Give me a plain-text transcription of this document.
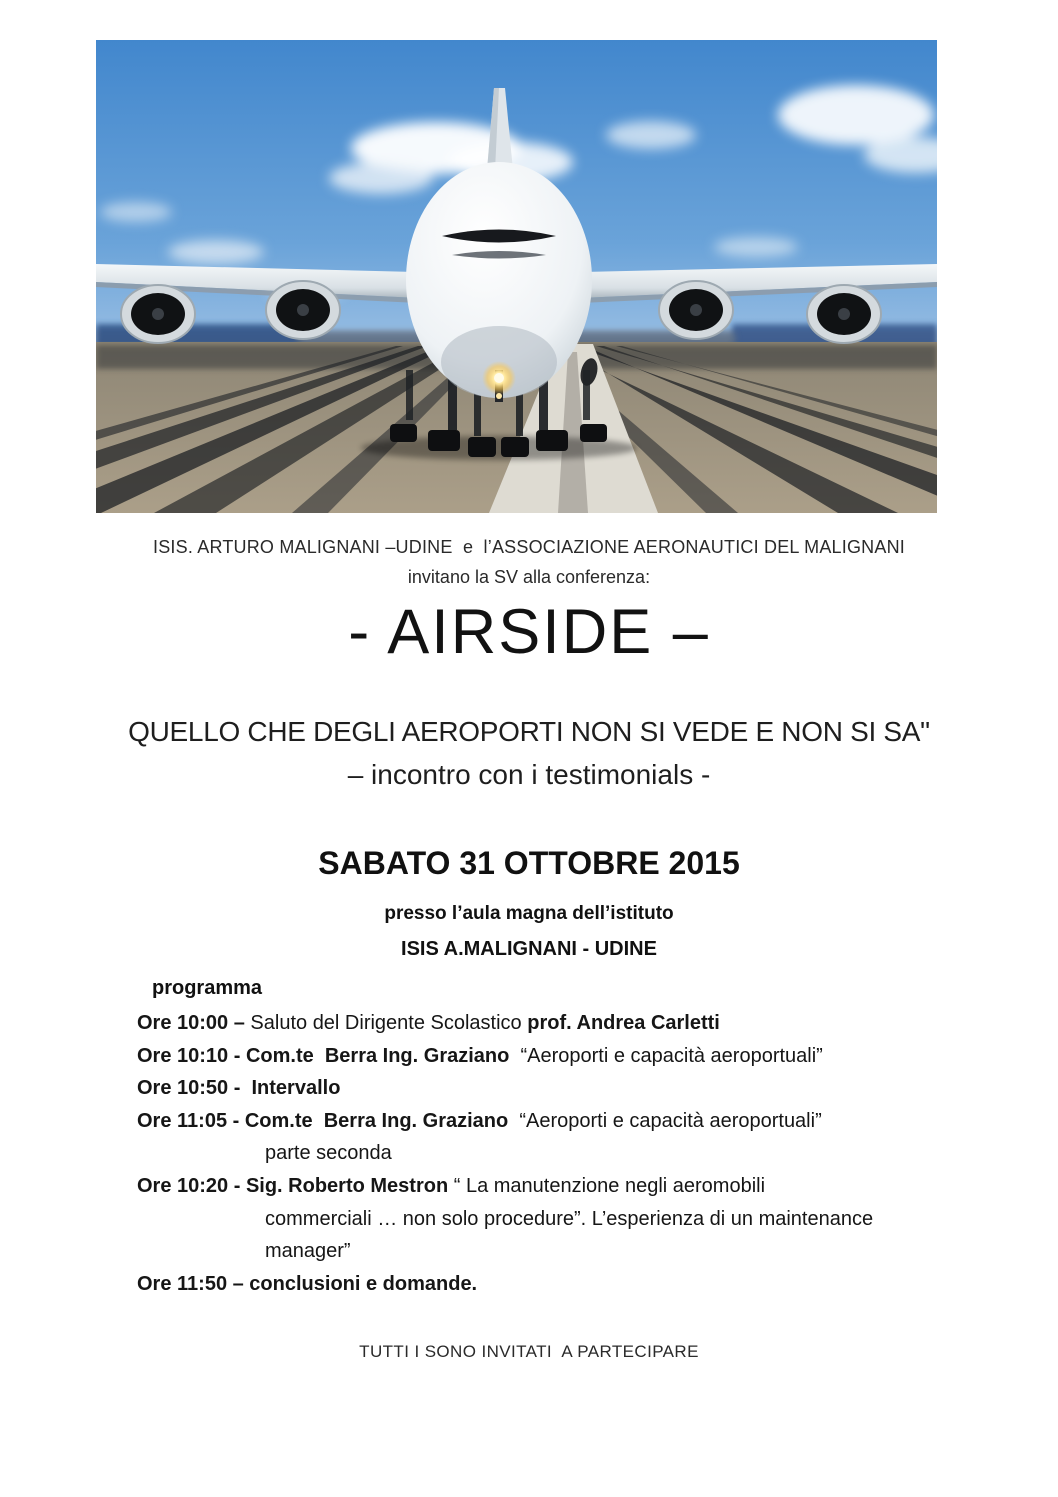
ISIS. ARTURO MALIGNANI –UDINE  e  l’ASSOCIAZIONE AERONAUTICI DEL MALIGNANI
invitano la SV alla conferenza:
- AIRSIDE –
QUELLO CHE DEGLI AEROPORTI NON SI VEDE E NON SI SA"
– incontro con i testimonials -
SABATO 31 OTTOBRE 2015
presso l’aula magna dell’istituto
ISIS A.MALIGNANI - UDINE
programma
Ore 10:00 – Saluto del Dirigente Scolastico prof. Andrea Carletti
Ore 10:10 - Com.te  Berra Ing. Graziano  “Aeroporti e capacità aeroportuali”
Ore 10:50 -  Intervallo
Ore 11:05 - Com.te  Berra Ing. Graziano  “Aeroporti e capacità aeroportuali”
parte seconda
Ore 10:20 - Sig. Roberto Mestron “ La manutenzione negli aeromobili
commerciali … non solo procedure”. L’esperienza di un maintenance
manager”
Ore 11:50 – conclusioni e domande.
TUTTI I SONO INVITATI  A PARTECIPARE
